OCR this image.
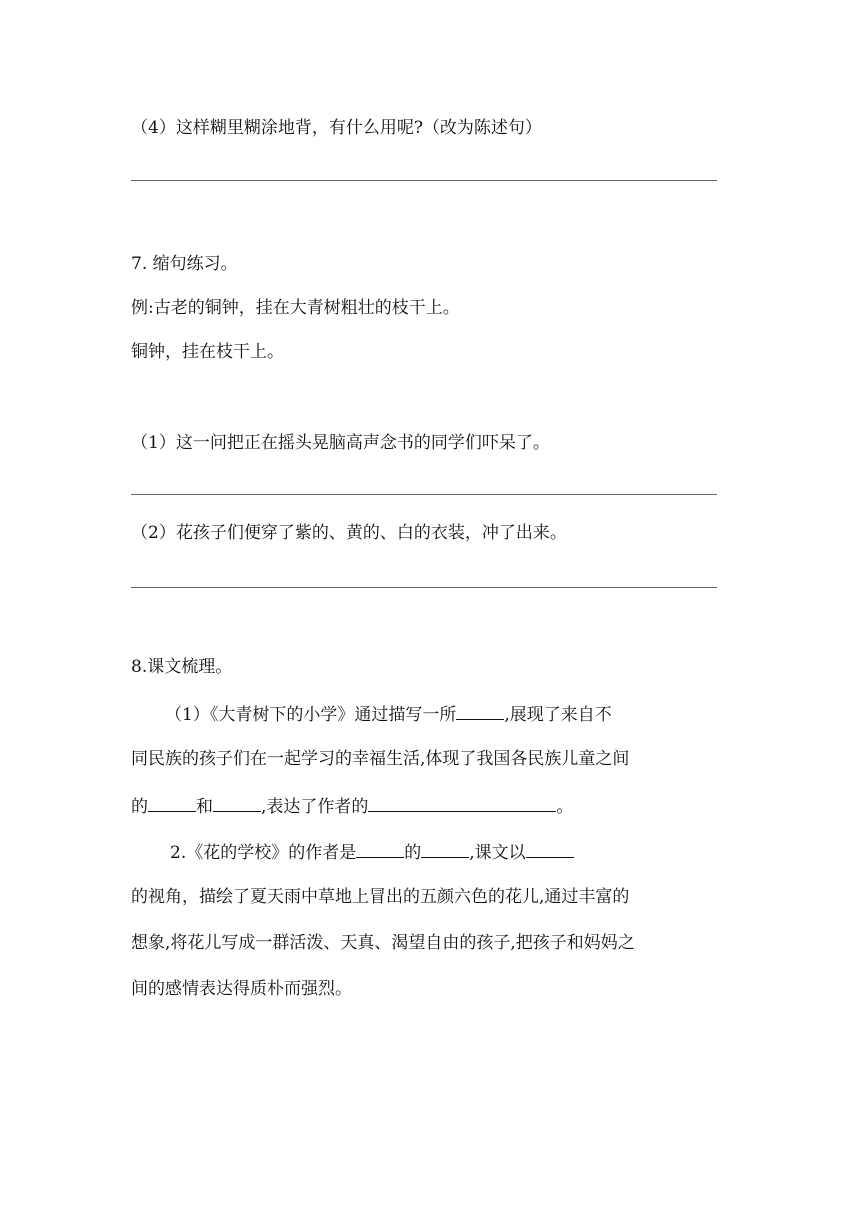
（4）这样糊里糊涂地背，有什么用呢?（改为陈述句）
7. 缩句练习。
例:古老的铜钟，挂在大青树粗壮的枝干上。
铜钟，挂在枝干上。
（1）这一问把正在摇头晃脑高声念书的同学们吓呆了。
（2）花孩子们便穿了紫的、黄的、白的衣装，冲了出来。
8.课文梳理。
（1）《大青树下的小学》通过描写一所	,展现了来自不
同民族的孩子们在一起学习的幸福生活,体现了我国各民族儿童之间
的	和	,表达了作者的	。
2.《花的学校》的作者是	的	,课文以
的视角，描绘了夏天雨中草地上冒出的五颜六色的花儿,通过丰富的
想象,将花儿写成一群活泼、天真、渴望自由的孩子,把孩子和妈妈之
间的感情表达得质朴而强烈。
